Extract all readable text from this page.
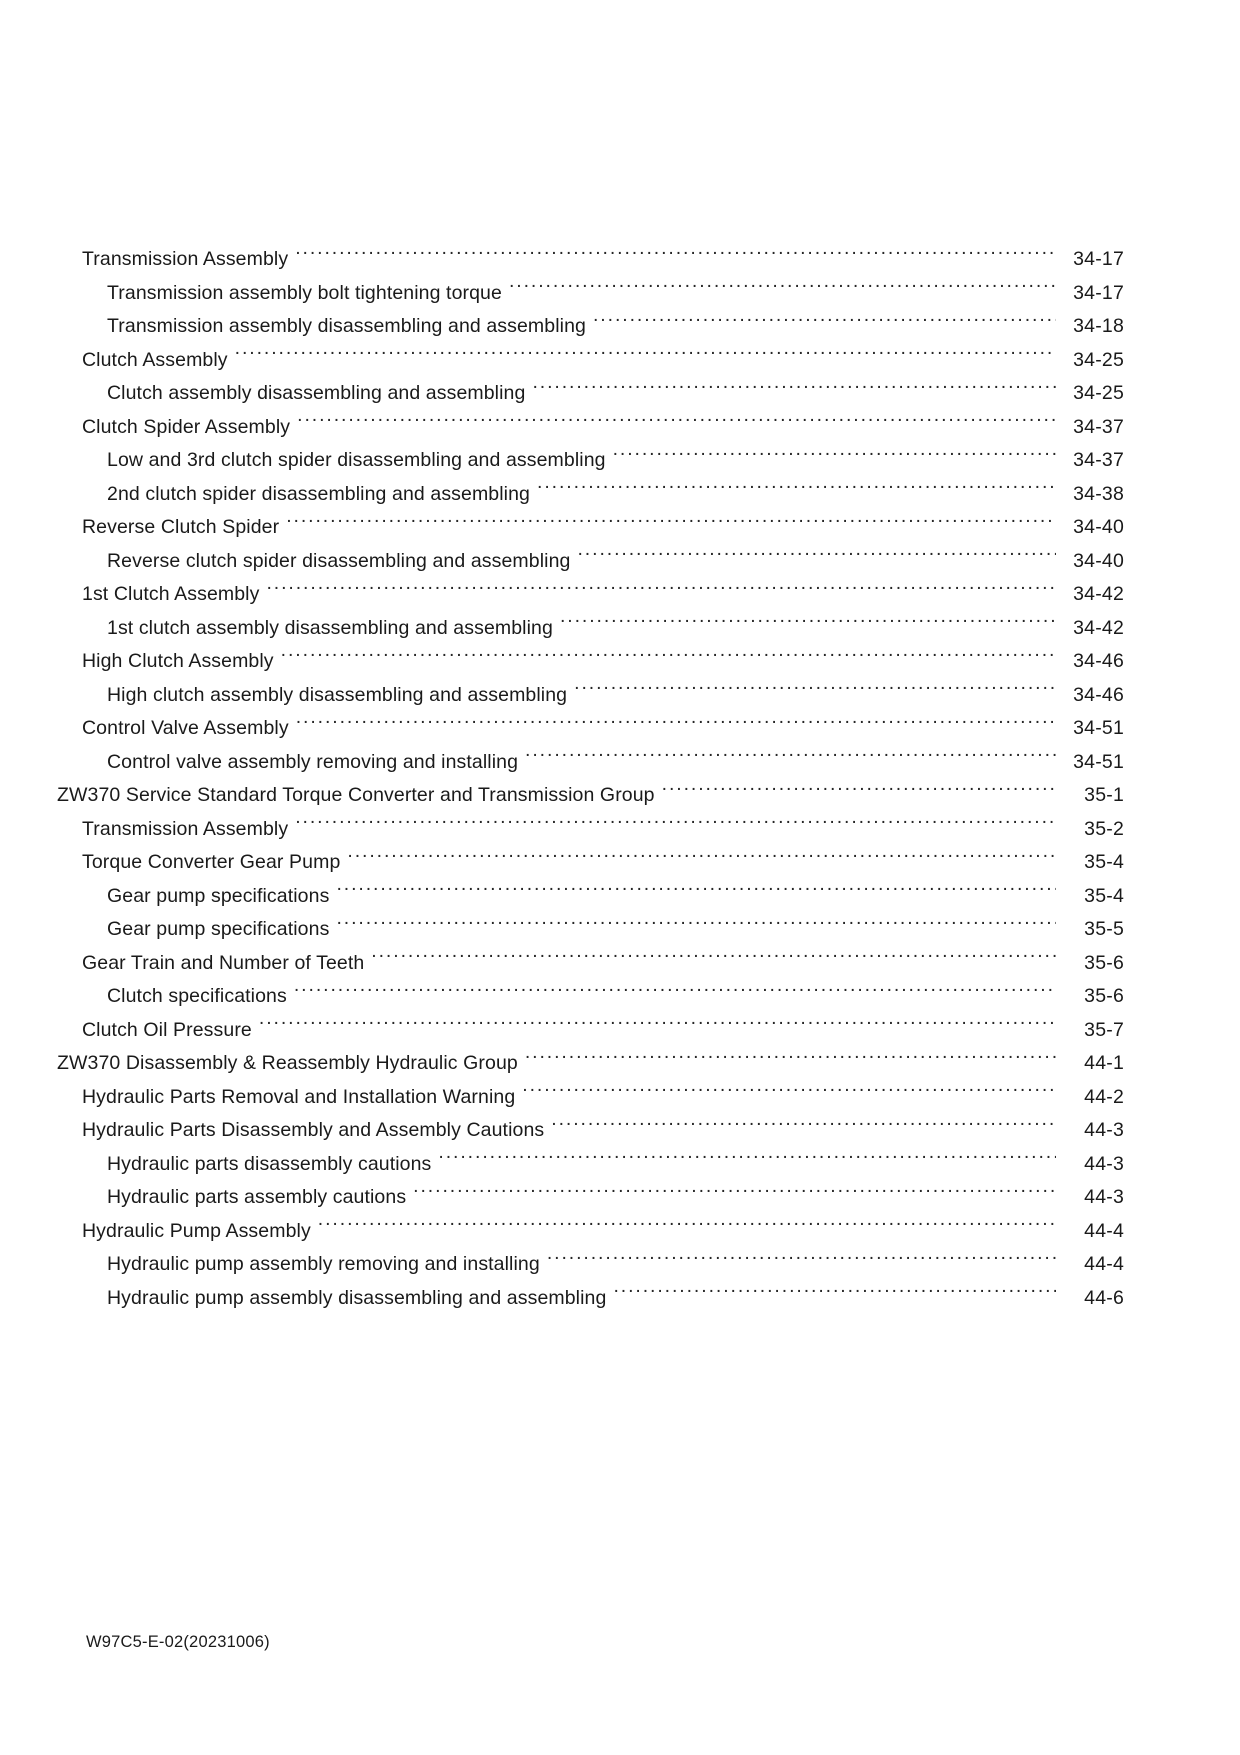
Transmission Assembly .....	34-17
Transmission assembly bolt tightening torque .....	34-17
Transmission assembly disassembling and assembling .....	34-18
Clutch Assembly .....	34-25
Clutch assembly disassembling and assembling .....	34-25
Clutch Spider Assembly .....	34-37
Low and 3rd clutch spider disassembling and assembling .....	34-37
2nd clutch spider disassembling and assembling .....	34-38
Reverse Clutch Spider .....	34-40
Reverse clutch spider disassembling and assembling .....	34-40
1st Clutch Assembly .....	34-42
1st clutch assembly disassembling and assembling .....	34-42
High Clutch Assembly .....	34-46
High clutch assembly disassembling and assembling .....	34-46
Control Valve Assembly .....	34-51
Control valve assembly removing and installing .....	34-51
ZW370 Service Standard Torque Converter and Transmission Group .....	35-1
Transmission Assembly .....	35-2
Torque Converter Gear Pump .....	35-4
Gear pump specifications .....	35-4
Gear pump specifications .....	35-5
Gear Train and Number of Teeth .....	35-6
Clutch specifications .....	35-6
Clutch Oil Pressure .....	35-7
ZW370 Disassembly & Reassembly Hydraulic Group .....	44-1
Hydraulic Parts Removal and Installation Warning .....	44-2
Hydraulic Parts Disassembly and Assembly Cautions .....	44-3
Hydraulic parts disassembly cautions .....	44-3
Hydraulic parts assembly cautions .....	44-3
Hydraulic Pump Assembly .....	44-4
Hydraulic pump assembly removing and installing .....	44-4
Hydraulic pump assembly disassembling and assembling .....	44-6
W97C5-E-02(20231006)
